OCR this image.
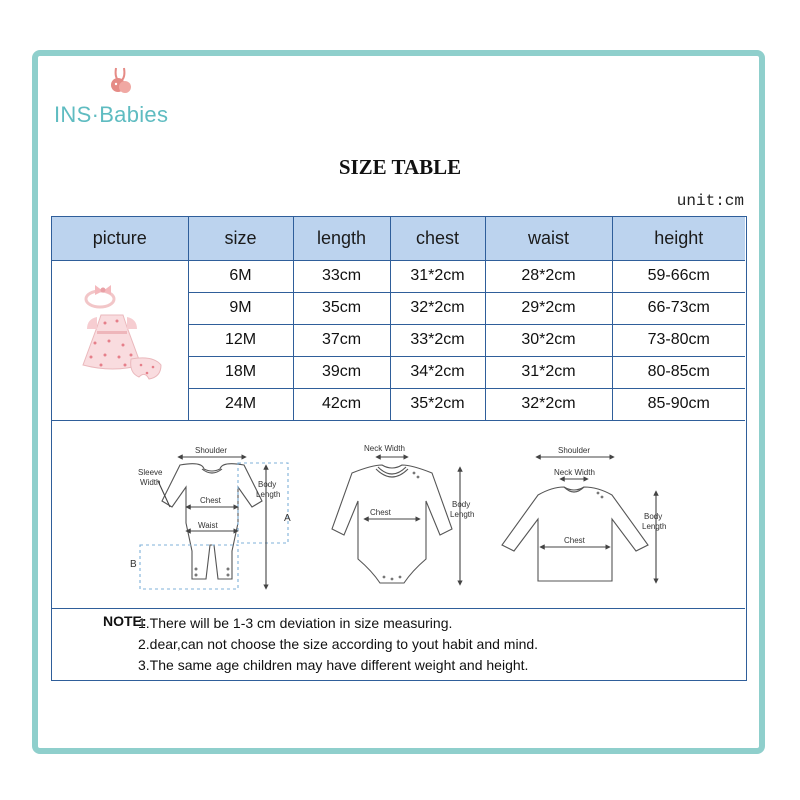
INS·Babies
SIZE TABLE
unit:cm
picture	size	length	chest	waist	height
	6M	33cm	31*2cm	28*2cm	59-66cm
	9M	35cm	32*2cm	29*2cm	66-73cm
	12M	37cm	33*2cm	30*2cm	73-80cm
	18M	39cm	34*2cm	31*2cm	80-85cm
	24M	42cm	35*2cm	32*2cm	85-90cm
Shoulder
Sleeve
Width
Chest
Waist
Body
Length
A
B
Neck Width
Chest
Body
Length
Shoulder
Neck Width
Chest
Body
Length
NOTE:
1.There will be 1-3 cm deviation in size measuring.
2.dear,can not choose the size according to yout habit and mind.
3.The same age children may have different weight and height.
